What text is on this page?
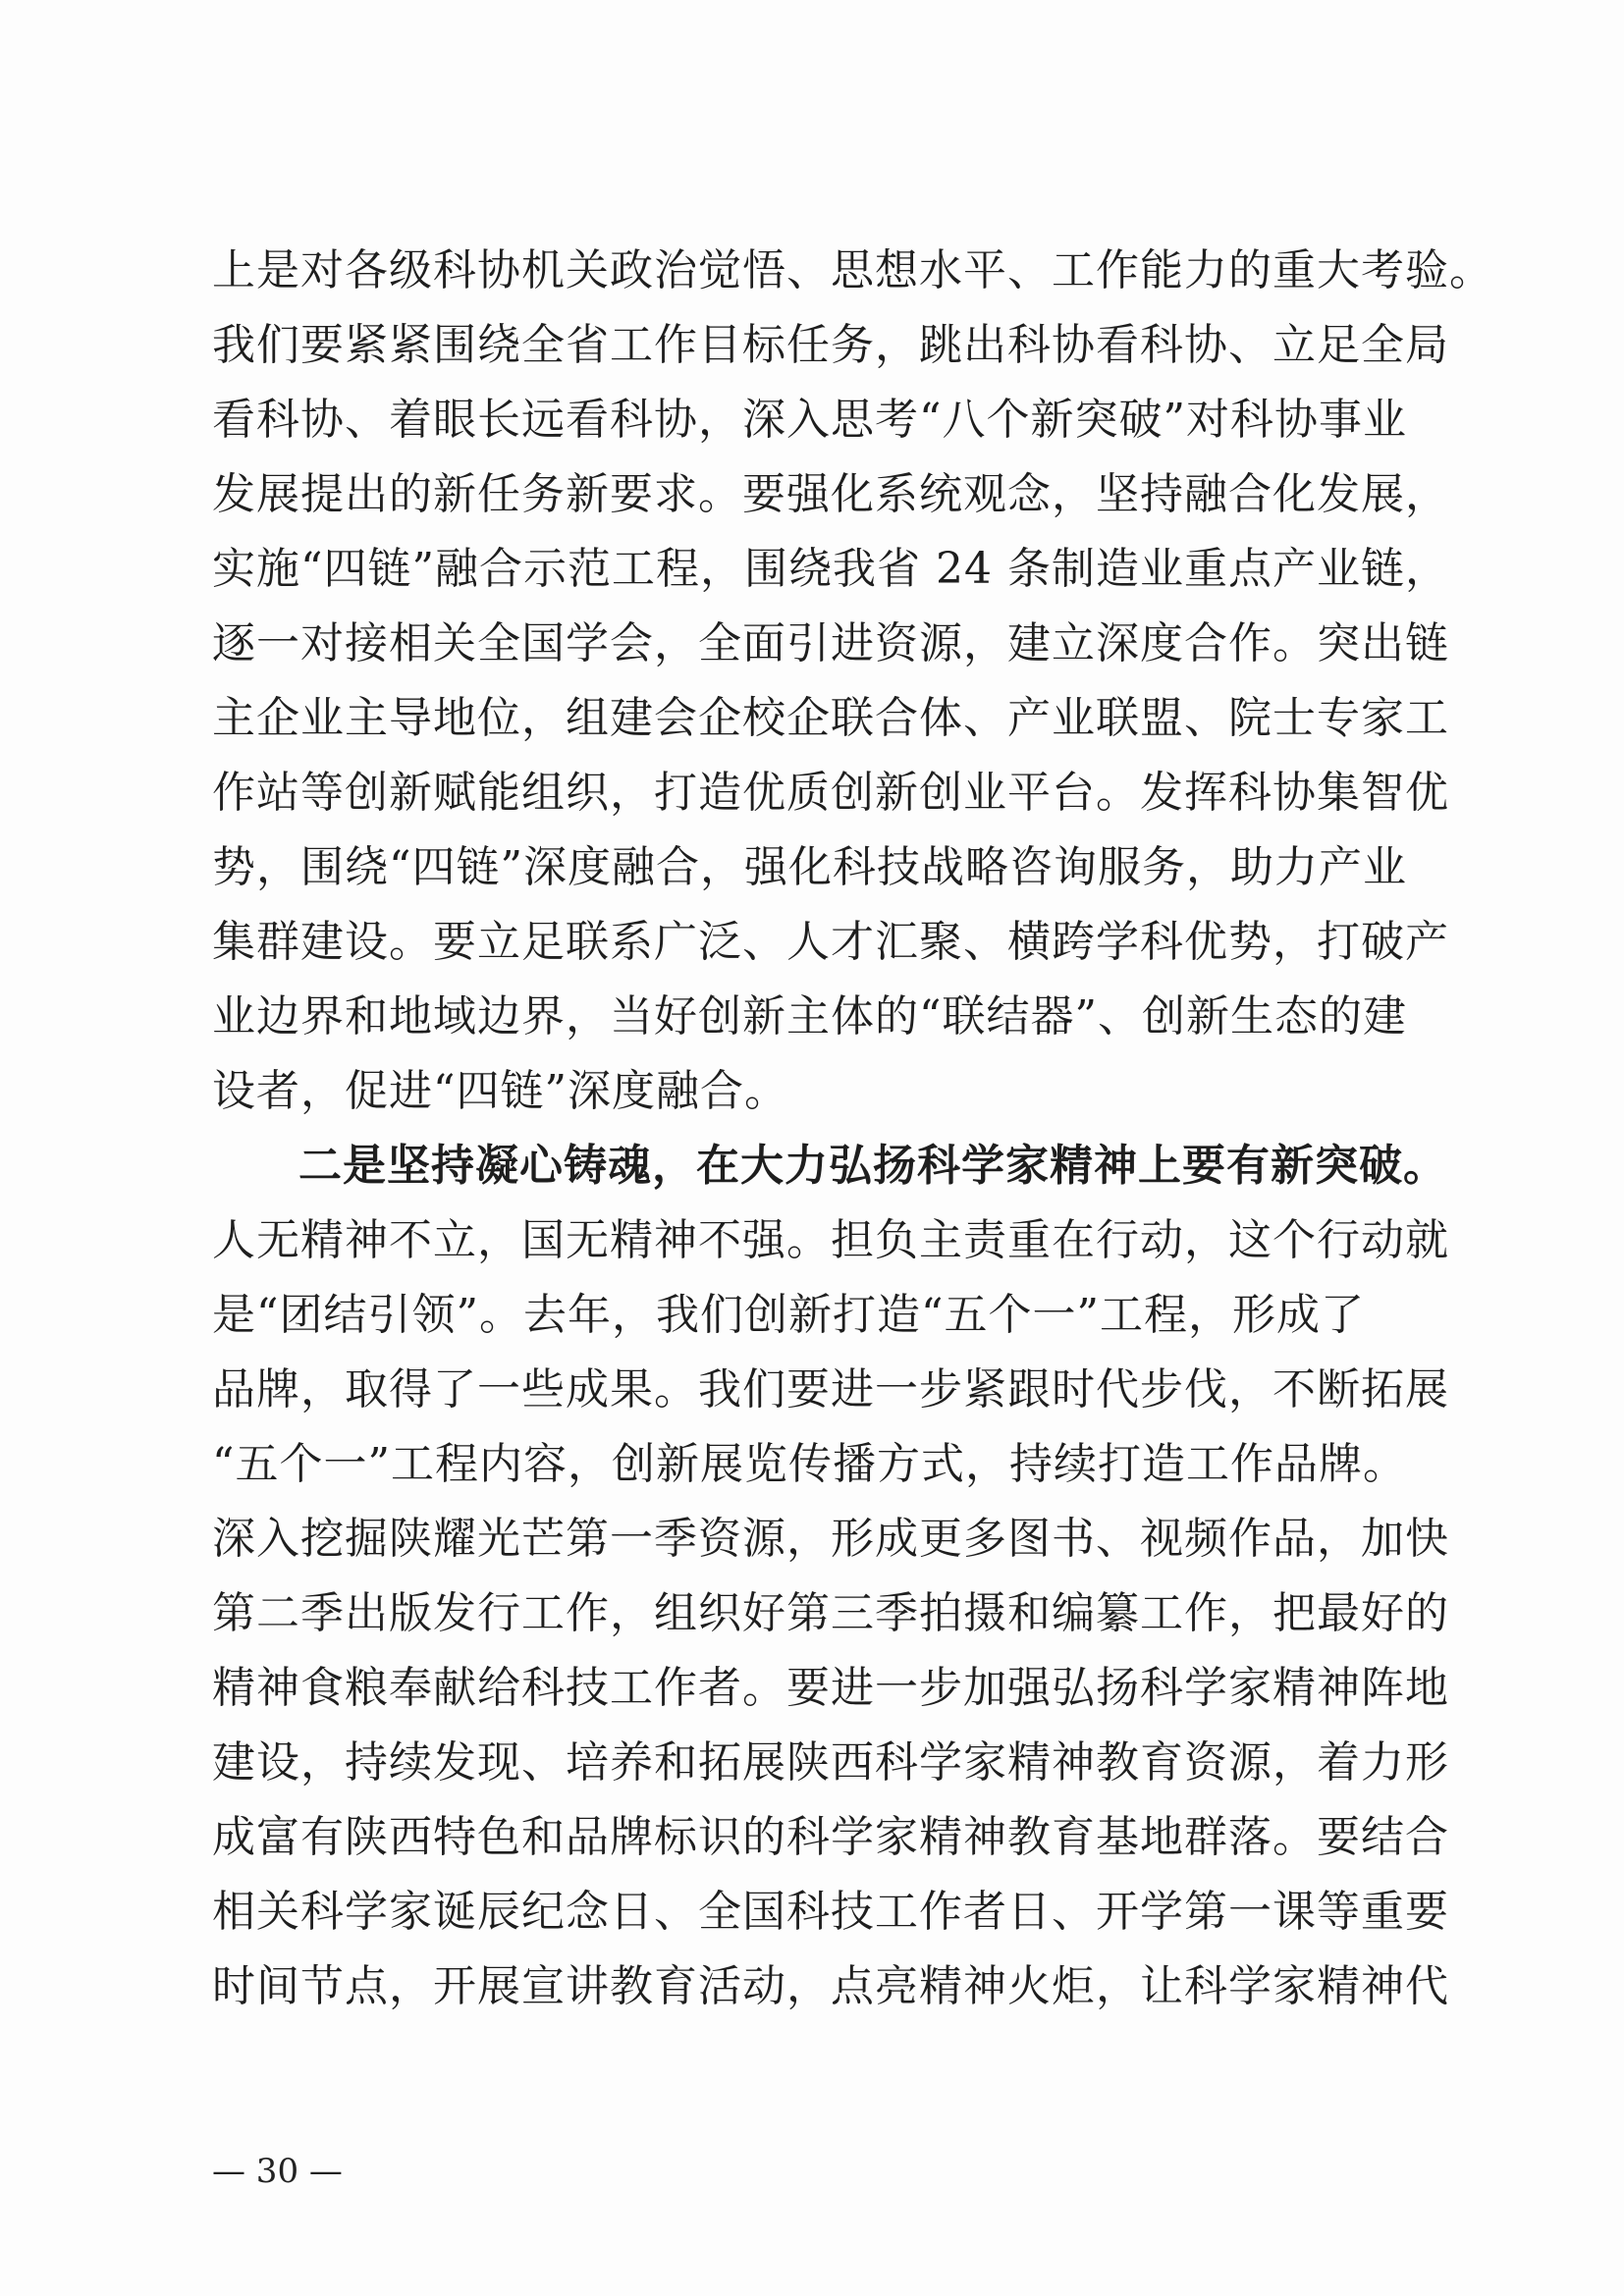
上是对各级科协机关政治觉悟、思想水平、工作能力的重大考验。
我们要紧紧围绕全省工作目标任务，跳出科协看科协、立足全局
看科协、着眼长远看科协，深入思考“八个新突破”对科协事业
发展提出的新任务新要求。要强化系统观念，坚持融合化发展，
实施“四链”融合示范工程，围绕我省 24 条制造业重点产业链，
逐一对接相关全国学会，全面引进资源，建立深度合作。突出链
主企业主导地位，组建会企校企联合体、产业联盟、院士专家工
作站等创新赋能组织，打造优质创新创业平台。发挥科协集智优
势，围绕“四链”深度融合，强化科技战略咨询服务，助力产业
集群建设。要立足联系广泛、人才汇聚、横跨学科优势，打破产
业边界和地域边界，当好创新主体的“联结器”、创新生态的建
设者，促进“四链”深度融合。
二是坚持凝心铸魂，在大力弘扬科学家精神上要有新突破。
人无精神不立，国无精神不强。担负主责重在行动，这个行动就
是“团结引领”。去年，我们创新打造“五个一”工程，形成了
品牌，取得了一些成果。我们要进一步紧跟时代步伐，不断拓展
“五个一”工程内容，创新展览传播方式，持续打造工作品牌。
深入挖掘陕耀光芒第一季资源，形成更多图书、视频作品，加快
第二季出版发行工作，组织好第三季拍摄和编纂工作，把最好的
精神食粮奉献给科技工作者。要进一步加强弘扬科学家精神阵地
建设，持续发现、培养和拓展陕西科学家精神教育资源，着力形
成富有陕西特色和品牌标识的科学家精神教育基地群落。要结合
相关科学家诞辰纪念日、全国科技工作者日、开学第一课等重要
时间节点，开展宣讲教育活动，点亮精神火炬，让科学家精神代
— 30 —
